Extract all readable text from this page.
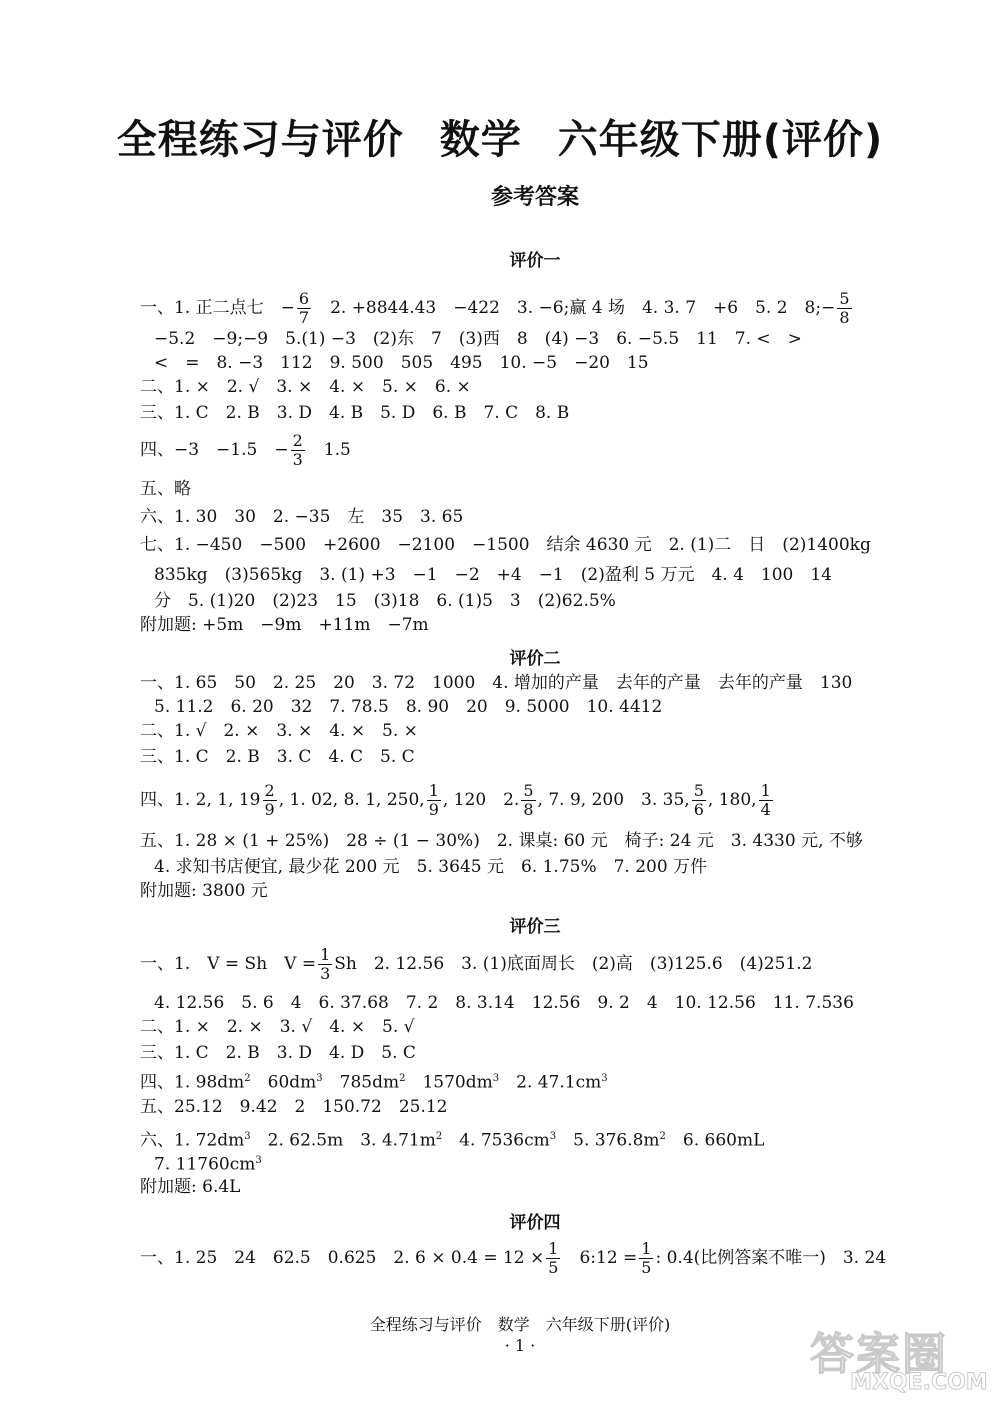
全程练习与评价 数学 六年级下册(评价)
参考答案
评价一
一、1. 正二点七　− $\frac{6}{7}$
　 2. +8844.43　−422　3. −6;赢 4 场　4. 3. 7　+6　5. 2　8;− $\frac{5}{8}$
−5.2　−9;−9　5.(1) −3　(2)东　7　(3)西　8　(4) −3　6. −5.5　11　7. <　>
<　=　8. −3　112　9. 500　505　495　10. −5　−20　15
二、1. ×　2. √　3. ×　4. ×　5. ×　6. ×
三、1. C　2. B　3. D　4. B　5. D　6. B　7. C　8. B
四、−3　−1.5　− $\frac{2}{3}$
　 1.5
五、略
六、1. 30　30　2. −35　左　35　3. 65
七、1. −450　−500　+2600　−2100　−1500　结余 4630 元　2. (1)二　日　(2)1400kg
835kg　(3)565kg　3. (1) +3　−1　−2　+4　−1　(2)盈利 5 万元　4. 4　100　14
分　5. (1)20　(2)23　15　(3)18　6. (1)5　3　(2)62.5%
附加题: +5m　−9m　+11m　−7m
评价二
一、1. 65　50　2. 25　20　3. 72　1000　4. 增加的产量　去年的产量　去年的产量　130
5. 11.2　6. 20　32　7. 78.5　8. 90　20　9. 5000　10. 4412
二、1. √　2. ×　3. ×　4. ×　5. ×
三、1. C　2. B　3. C　4. C　5. C
四、1. 2, 1, $19 \frac{2}{9}$ , 1. 02, 8. 1, 250, $\frac{1}{9}$ , 120　2. $\frac{5}{8}$ , 7. 9, 200　3. 35, $\frac{5}{6}$ , 180, $\frac{1}{4}$
五、1. 28 × (1 + 25%)　28 ÷ (1 − 30%)　2. 课桌: 60 元　椅子: 24 元　3. 4330 元, 不够
4. 求知书店便宜, 最少花 200 元　5. 3645 元　6. 1.75%　7. 200 万件
附加题: 3800 元
评价三
一、1.　V = Sh　$V = \frac{1}{3}$ Sh　2. 12.56　3. (1)底面周长　(2)高　(3)125.6　(4)251.2
4. 12.56　5. 6　4　6. 37.68　7. 2　8. 3.14　12.56　9. 2　4　10. 12.56　11. 7.536
二、1. ×　2. ×　3. √　4. ×　5. √
三、1. C　2. B　3. D　4. D　5. C
四、1. $98dm^2$　 $60dm^3$　 $785dm^2$　 $1570dm^3$　 2. $47.1cm^3$
五、25.12　9.42　2　150.72　25.12
六、1. $72dm^3$　 2. 62.5m　3. $4.71m^2$　 4. $7536cm^3$　 5. $376.8m^2$　 6. 660mL
7. $11760cm^3$
附加题: 6.4L
评价四
一、1. 25　24　62.5　0.625　2. $6 \times 0.4 = 12 \times \frac{1}{5}$
　 6:12 = $\frac{1}{5}$ : 0.4(比例答案不唯一)　3. 24
全程练习与评价　数学　六年级下册(评价)
· 1 ·	答案圈
MXQE.COM
